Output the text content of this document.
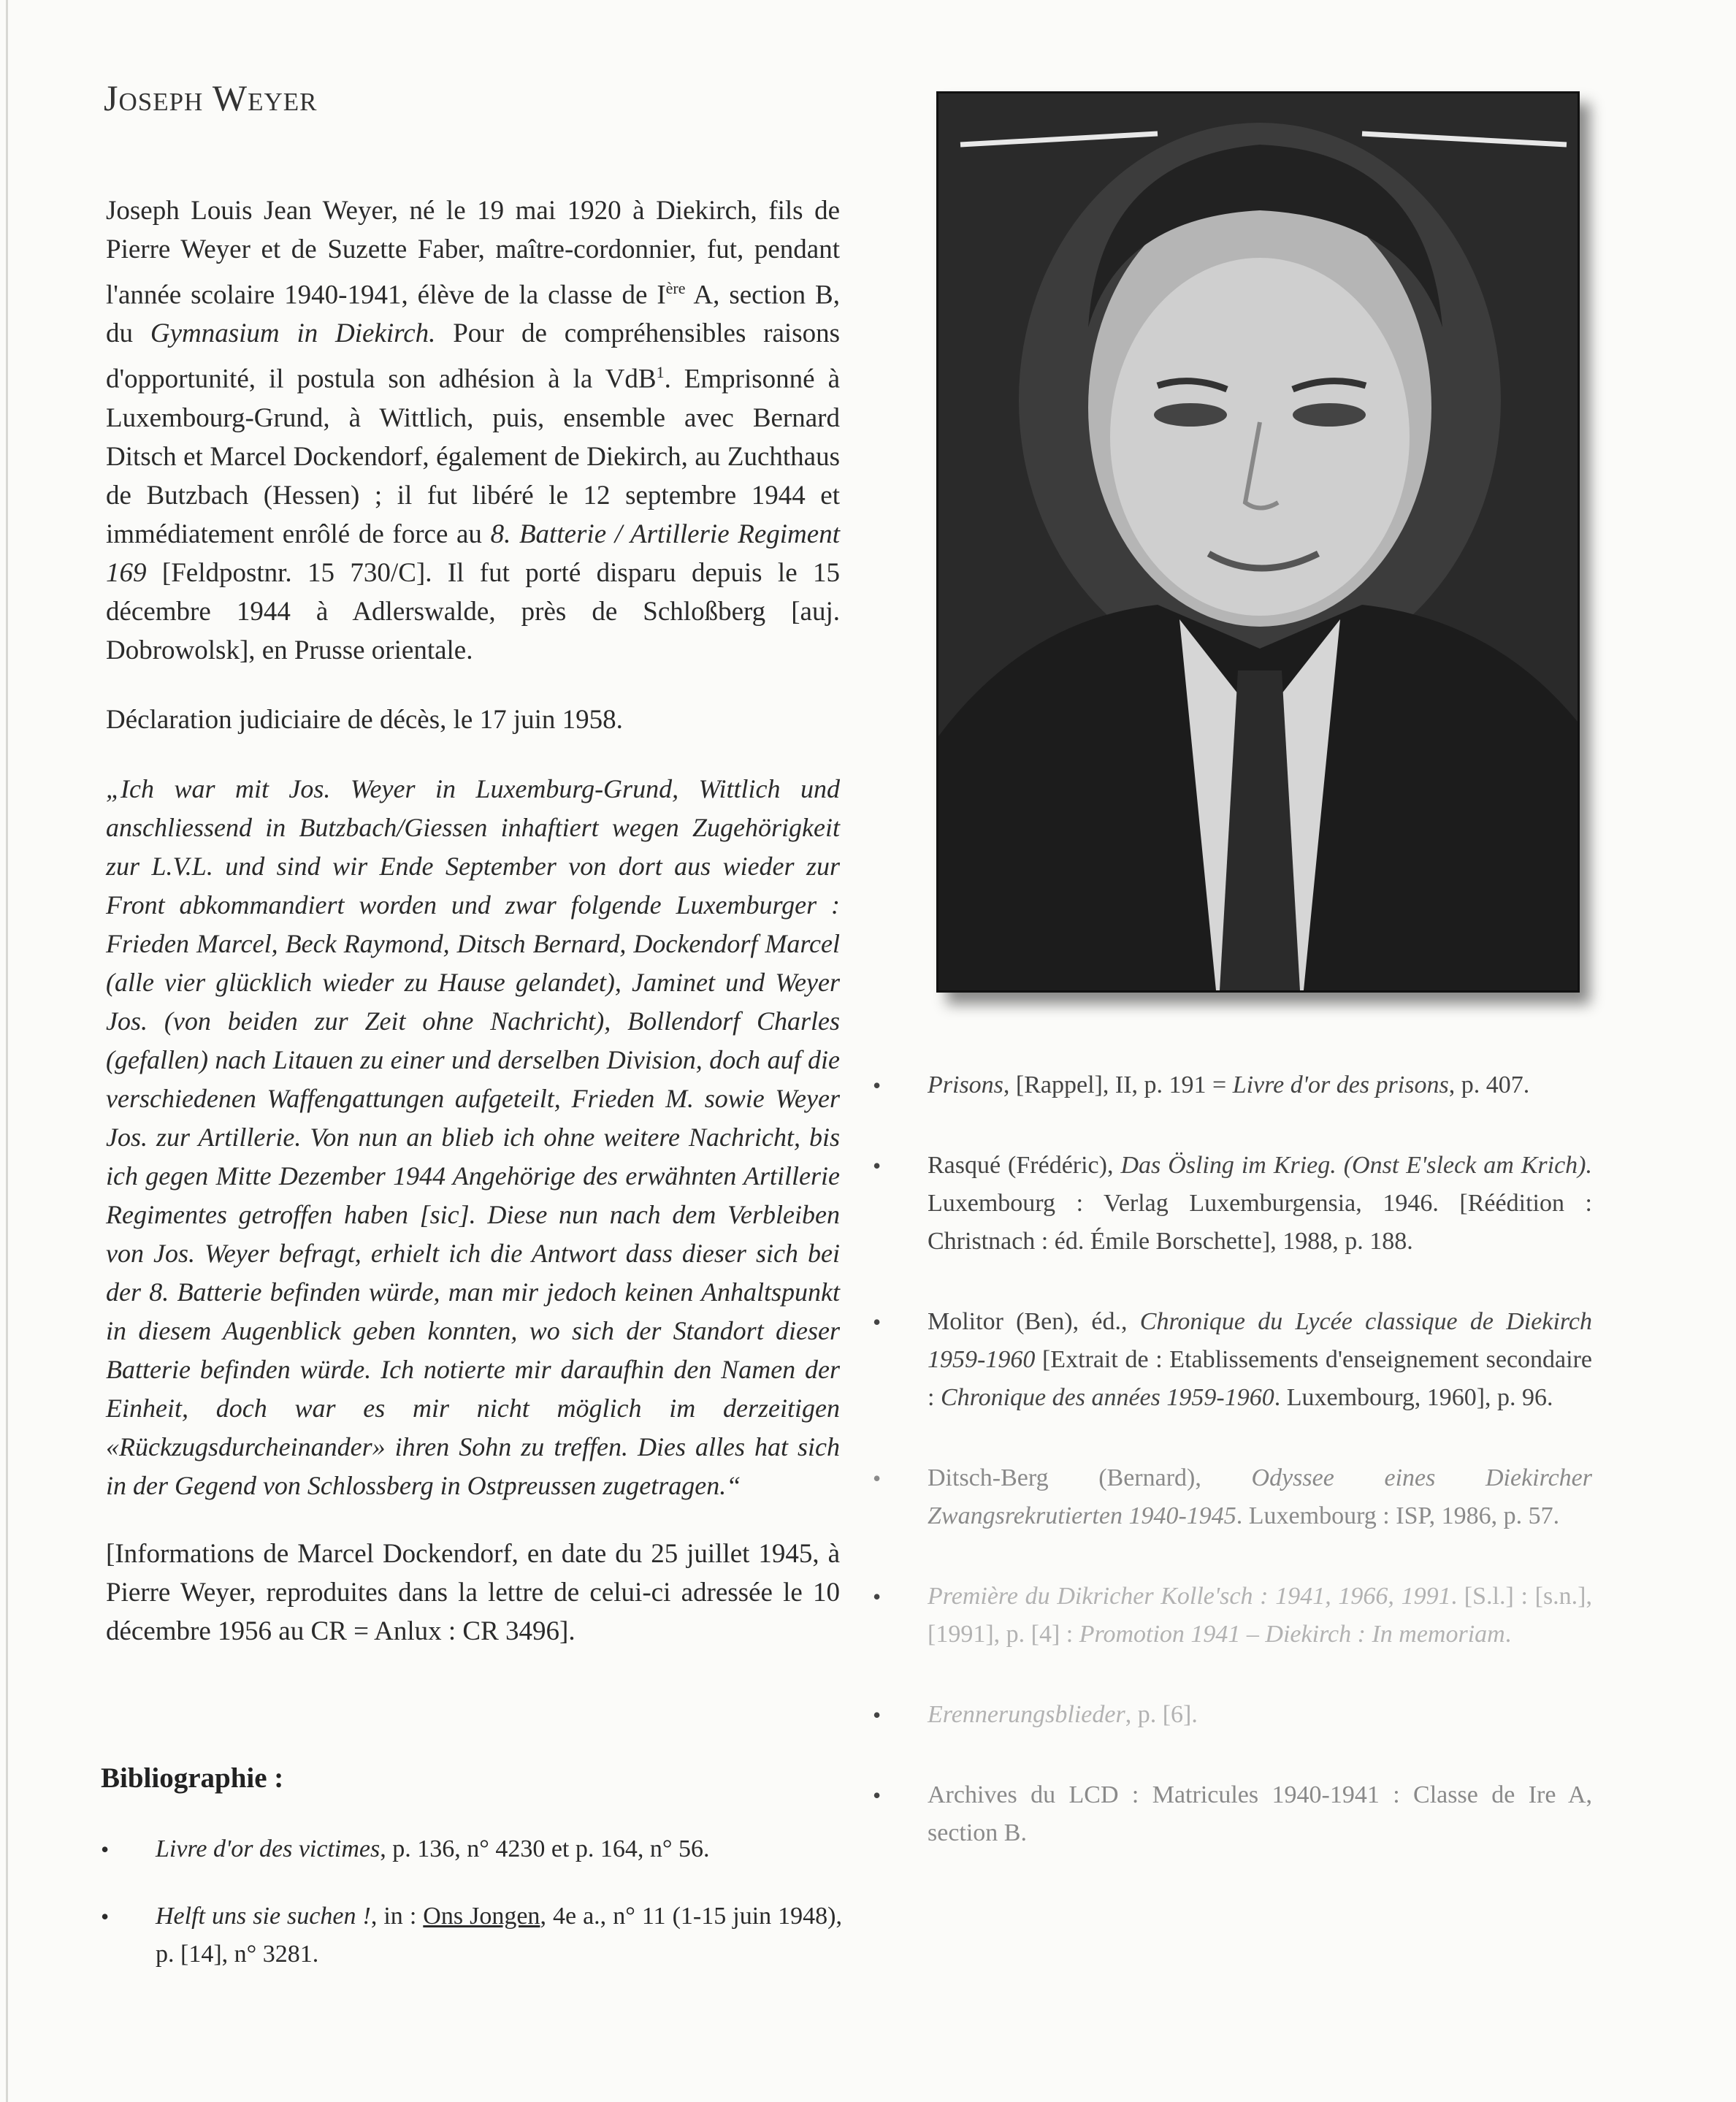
Joseph Weyer

Joseph Louis Jean Weyer, né le 19 mai 1920 à Diekirch, fils de Pierre Weyer et de Suzette Faber, maître-cordonnier, fut, pendant l'année scolaire 1940-1941, élève de la classe de Ière A, section B, du Gymnasium in Diekirch. Pour de compréhensibles raisons d'opportunité, il postula son adhésion à la VdB$^1$. Emprisonné à Luxembourg-Grund, à Wittlich, puis, ensemble avec Bernard Ditsch et Marcel Dockendorf, également de Diekirch, au Zuchthaus de Butzbach (Hessen) ; il fut libéré le 12 septembre 1944 et immédiatement enrôlé de force au 8. Batterie / Artillerie Regiment 169 [Feldpostnr. 15 730/C]. Il fut porté disparu depuis le 15 décembre 1944 à Adlerswalde, près de Schloßberg [auj. Dobrowolsk], en Prusse orientale.

Déclaration judiciaire de décès, le 17 juin 1958.

„Ich war mit Jos. Weyer in Luxemburg-Grund, Wittlich und anschliessend in Butzbach/Giessen inhaftiert wegen Zugehörigkeit zur L.V.L. und sind wir Ende September von dort aus wieder zur Front abkommandiert worden und zwar folgende Luxemburger : Frieden Marcel, Beck Raymond, Ditsch Bernard, Dockendorf Marcel (alle vier glücklich wieder zu Hause gelandet), Jaminet und Weyer Jos. (von beiden zur Zeit ohne Nachricht), Bollendorf Charles (gefallen) nach Litauen zu einer und derselben Division, doch auf die verschiedenen Waffengattungen aufgeteilt, Frieden M. sowie Weyer Jos. zur Artillerie. Von nun an blieb ich ohne weitere Nachricht, bis ich gegen Mitte Dezember 1944 Angehörige des erwähnten Artillerie Regimentes getroffen haben [sic]. Diese nun nach dem Verbleiben von Jos. Weyer befragt, erhielt ich die Antwort dass dieser sich bei der 8. Batterie befinden würde, man mir jedoch keinen Anhaltspunkt in diesem Augenblick geben konnten, wo sich der Standort dieser Batterie befinden würde. Ich notierte mir daraufhin den Namen der Einheit, doch war es mir nicht möglich im derzeitigen «Rückzugsdurcheinander» ihren Sohn zu treffen. Dies alles hat sich in der Gegend von Schlossberg in Ostpreussen zugetragen.“

[Informations de Marcel Dockendorf, en date du 25 juillet 1945, à Pierre Weyer, reproduites dans la lettre de celui-ci adressée le 10 décembre 1956 au CR = Anlux : CR 3496].

Bibliographie :
• Livre d'or des victimes, p. 136, n° 4230 et p. 164, n° 56.
• Helft uns sie suchen !, in : Ons Jongen, 4e a., n° 11 (1-15 juin 1948), p. [14], n° 3281.
• Prisons, [Rappel], II, p. 191 = Livre d'or des prisons, p. 407.
• Rasqué (Frédéric), Das Ösling im Krieg. (Onst E'sleck am Krich). Luxembourg : Verlag Luxemburgensia, 1946. [Réédition : Christnach : éd. Émile Borschette], 1988, p. 188.
• Molitor (Ben), éd., Chronique du Lycée classique de Diekirch 1959-1960 [Extrait de : Etablissements d'enseignement secondaire : Chronique des années 1959-1960. Luxembourg, 1960], p. 96.
• Ditsch-Berg (Bernard), Odyssee eines Diekircher Zwangsrekrutierten 1940-1945. Luxembourg : ISP, 1986, p. 57.
• Première du Dikricher Kolle'sch : 1941, 1966, 1991. [S.l.] : [s.n.], [1991], p. [4] : Promotion 1941 – Diekirch : In memoriam.
• Erennerungsblieder, p. [6].
• Archives du LCD : Matricules 1940-1941 : Classe de Ire A, section B.
